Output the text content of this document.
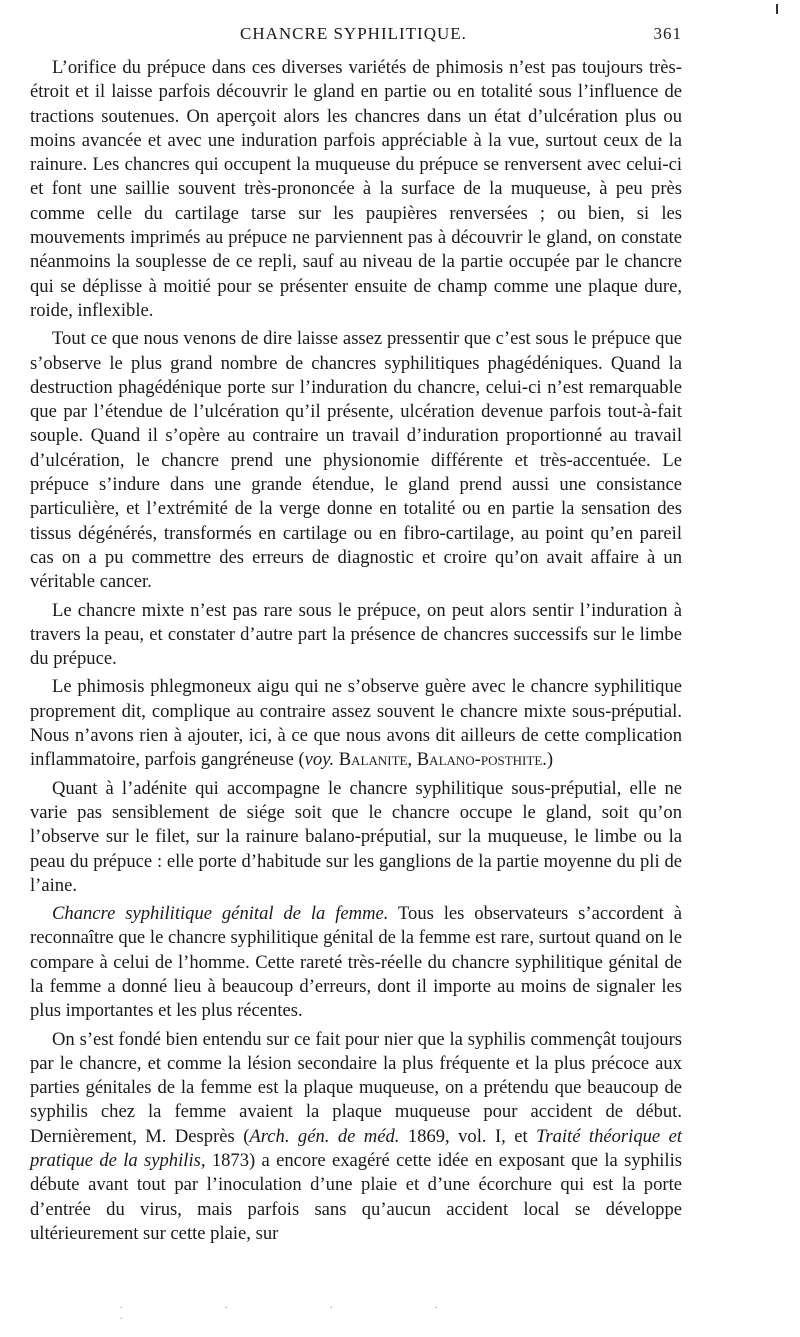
CHANCRE SYPHILITIQUE.	361

L’orifice du prépuce dans ces diverses variétés de phimosis n’est pas toujours très-étroit et il laisse parfois découvrir le gland en partie ou en totalité sous l’influence de tractions soutenues. On aperçoit alors les chancres dans un état d’ulcération plus ou moins avancée et avec une induration parfois appréciable à la vue, surtout ceux de la rainure. Les chancres qui occupent la muqueuse du prépuce se renversent avec celui-ci et font une saillie souvent très-prononcée à la surface de la muqueuse, à peu près comme celle du cartilage tarse sur les paupières renversées ; ou bien, si les mouvements imprimés au prépuce ne parviennent pas à découvrir le gland, on constate néanmoins la souplesse de ce repli, sauf au niveau de la partie occupée par le chancre qui se déplisse à moitié pour se présenter ensuite de champ comme une plaque dure, roide, inflexible.

Tout ce que nous venons de dire laisse assez pressentir que c’est sous le prépuce que s’observe le plus grand nombre de chancres syphilitiques phagédéniques. Quand la destruction phagédénique porte sur l’induration du chancre, celui-ci n’est remarquable que par l’étendue de l’ulcération qu’il présente, ulcération devenue parfois tout-à-fait souple. Quand il s’opère au contraire un travail d’induration proportionné au travail d’ulcération, le chancre prend une physionomie différente et très-accentuée. Le prépuce s’indure dans une grande étendue, le gland prend aussi une consistance particulière, et l’extrémité de la verge donne en totalité ou en partie la sensation des tissus dégénérés, transformés en cartilage ou en fibro-cartilage, au point qu’en pareil cas on a pu commettre des erreurs de diagnostic et croire qu’on avait affaire à un véritable cancer.

Le chancre mixte n’est pas rare sous le prépuce, on peut alors sentir l’induration à travers la peau, et constater d’autre part la présence de chancres successifs sur le limbe du prépuce.

Le phimosis phlegmoneux aigu qui ne s’observe guère avec le chancre syphilitique proprement dit, complique au contraire assez souvent le chancre mixte sous-préputial. Nous n’avons rien à ajouter, ici, à ce que nous avons dit ailleurs de cette complication inflammatoire, parfois gangréneuse (voy. Balanite, Balano-posthite.)

Quant à l’adénite qui accompagne le chancre syphilitique sous-préputial, elle ne varie pas sensiblement de siége soit que le chancre occupe le gland, soit qu’on l’observe sur le filet, sur la rainure balano-préputial, sur la muqueuse, le limbe ou la peau du prépuce : elle porte d’habitude sur les ganglions de la partie moyenne du pli de l’aine.

Chancre syphilitique génital de la femme. Tous les observateurs s’accordent à reconnaître que le chancre syphilitique génital de la femme est rare, surtout quand on le compare à celui de l’homme. Cette rareté très-réelle du chancre syphilitique génital de la femme a donné lieu à beaucoup d’erreurs, dont il importe au moins de signaler les plus importantes et les plus récentes.

On s’est fondé bien entendu sur ce fait pour nier que la syphilis commençât toujours par le chancre, et comme la lésion secondaire la plus fréquente et la plus précoce aux parties génitales de la femme est la plaque muqueuse, on a prétendu que beaucoup de syphilis chez la femme avaient la plaque muqueuse pour accident de début. Dernièrement, M. Desprès (Arch. gén. de méd. 1869, vol. I, et Traité théorique et pratique de la syphilis, 1873) a encore exagéré cette idée en exposant que la syphilis débute avant tout par l’inoculation d’une plaie et d’une écorchure qui est la porte d’entrée du virus, mais parfois sans qu’aucun accident local se développe ultérieurement sur cette plaie, sur

. . . . .
